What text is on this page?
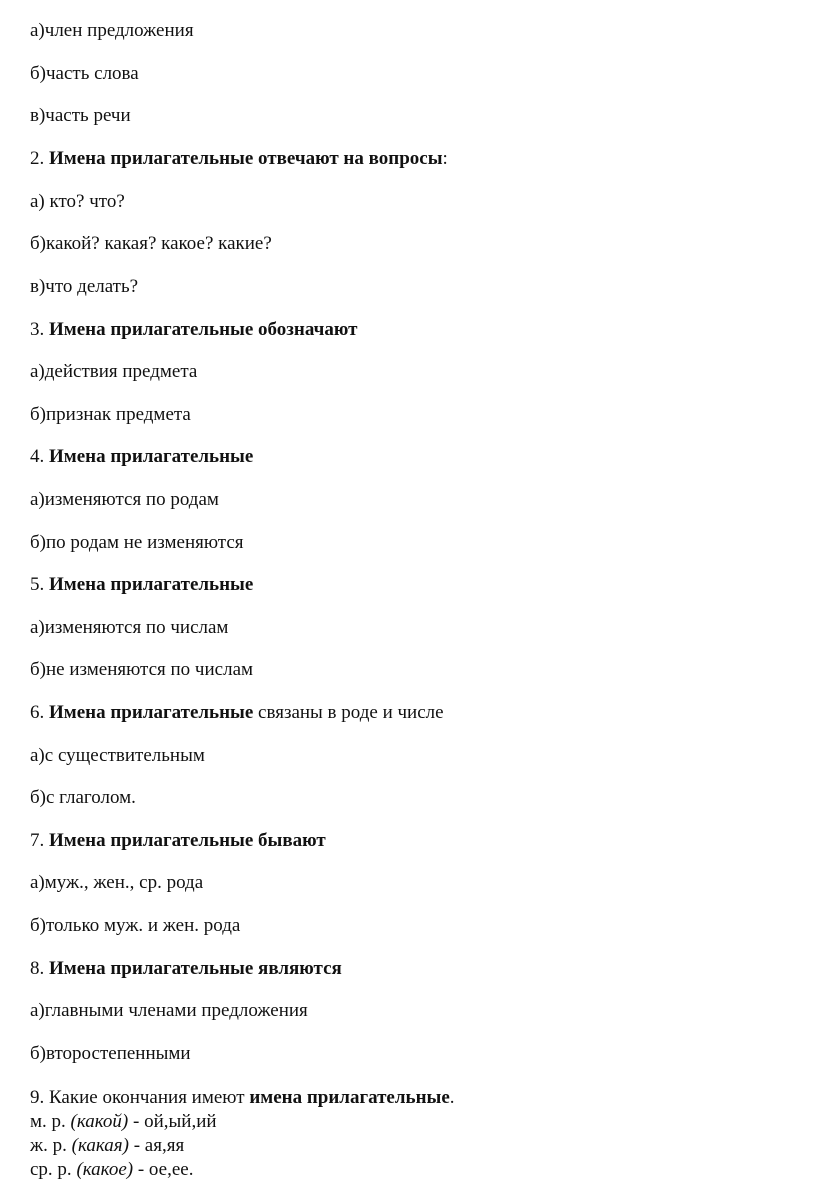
а)член предложения
б)часть слова
в)часть речи
2. Имена прилагательные отвечают на вопросы:
а) кто? что?
б)какой? какая? какое? какие?
в)что делать?
3. Имена прилагательные обозначают
а)действия предмета
б)признак предмета
4. Имена прилагательные
а)изменяются по родам
б)по родам не изменяются
5. Имена прилагательные
а)изменяются по числам
б)не изменяются по числам
6. Имена прилагательные связаны в роде и числе
а)с существительным
б)с глаголом.
7. Имена прилагательные бывают
а)муж., жен., ср. рода
б)только муж. и жен. рода
8. Имена прилагательные являются
а)главными членами предложения
б)второстепенными
9. Какие окончания имеют имена прилагательные.
м. р. (какой) - ой,ый,ий
ж. р. (какая) - ая,яя
ср. р. (какое) - ое,ее.
